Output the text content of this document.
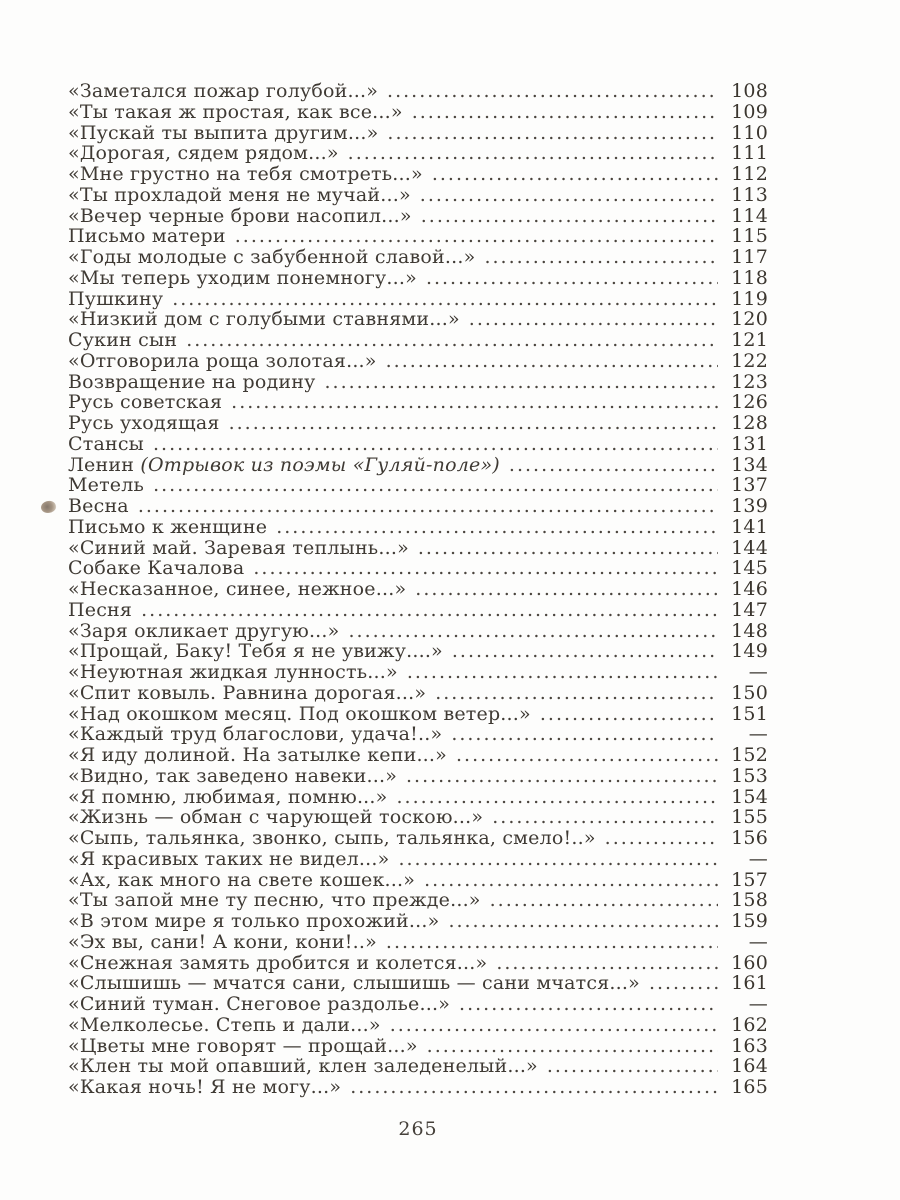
«Заметался пожар голубой...» .....	108
«Ты такая ж простая, как все...» .....	109
«Пускай ты выпита другим...» .....	110
«Дорогая, сядем рядом...» .....	111
«Мне грустно на тебя смотреть...» .....	112
«Ты прохладой меня не мучай...» .....	113
«Вечер черные брови насопил...» .....	114
Письмо матери .....	115
«Годы молодые с забубенной славой...» .....	117
«Мы теперь уходим понемногу...» .....	118
Пушкину .....	119
«Низкий дом с голубыми ставнями...» .....	120
Сукин сын .....	121
«Отговорила роща золотая...» .....	122
Возвращение на родину .....	123
Русь советская .....	126
Русь уходящая .....	128
Стансы .....	131
Ленин (Отрывок из поэмы «Гуляй-поле») .....	134
Метель .....	137
Весна .....	139
Письмо к женщине .....	141
«Синий май. Заревая теплынь...» .....	144
Собаке Качалова .....	145
«Несказанное, синее, нежное...» .....	146
Песня .....	147
«Заря окликает другую...» .....	148
«Прощай, Баку! Тебя я не увижу....» .....	149
«Неуютная жидкая лунность...» .....	—
«Спит ковыль. Равнина дорогая...» .....	150
«Над окошком месяц. Под окошком ветер...» .....	151
«Каждый труд благослови, удача!..» .....	—
«Я иду долиной. На затылке кепи...» .....	152
«Видно, так заведено навеки...» .....	153
«Я помню, любимая, помню...» .....	154
«Жизнь — обман с чарующей тоскою...» .....	155
«Сыпь, тальянка, звонко, сыпь, тальянка, смело!..» .....	156
«Я красивых таких не видел...» .....	—
«Ах, как много на свете кошек...» .....	157
«Ты запой мне ту песню, что прежде...» .....	158
«В этом мире я только прохожий...» .....	159
«Эх вы, сани! А кони, кони!..» .....	—
«Снежная замять дробится и колется...» .....	160
«Слышишь — мчатся сани, слышишь — сани мчатся...» .....	161
«Синий туман. Снеговое раздолье...» .....	—
«Мелколесье. Степь и дали...» .....	162
«Цветы мне говорят — прощай...» .....	163
«Клен ты мой опавший, клен заледенелый...» .....	164
«Какая ночь! Я не могу...» .....	165
265
